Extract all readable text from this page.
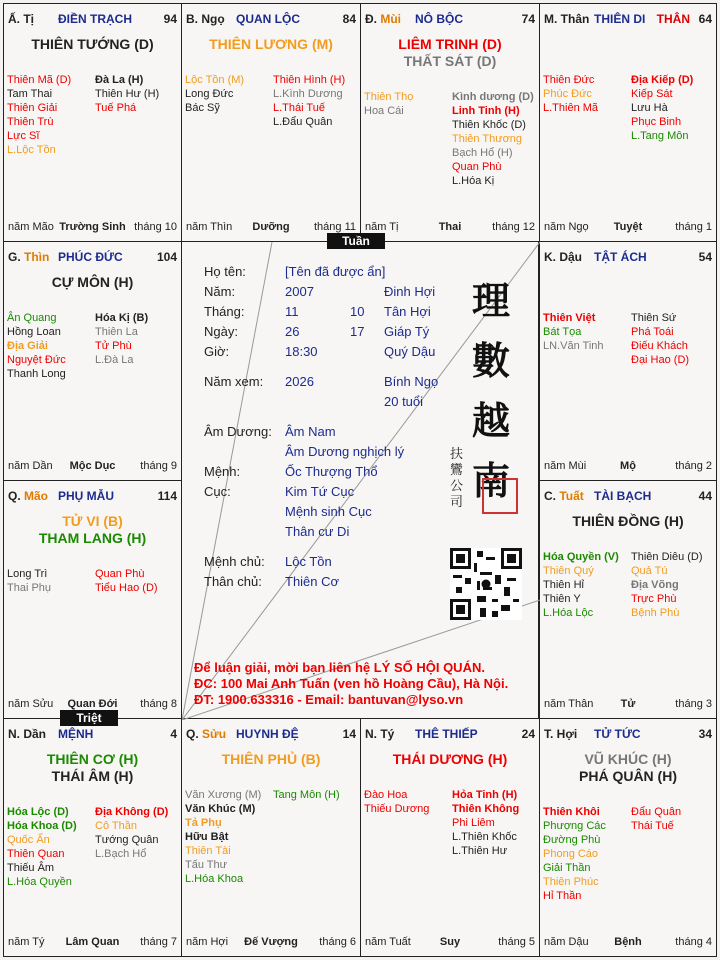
Ấ. Tị ĐIỀN TRẠCH	94
THIÊN TƯỚNG (D)
Thiên Mã (D)
Tam Thai
Thiên Giải
Thiên Trù
Lực Sĩ
L.Lộc Tồn
Đà La (H)
Thiên Hư (H)
Tuế Phá
năm Mão Trường Sinh tháng 10
B. Ngọ QUAN LỘC	84
THIÊN LƯƠNG (M)
Lộc Tồn (M)
Long Đức
Bác Sỹ
Thiên Hình (H)
L.Kình Dương
L.Thái Tuế
L.Đẩu Quân
năm Thìn	Dưỡng	tháng 11
Đ. Mùi NÔ BỘC	74
LIÊM TRINH (D)
THẤT SÁT (D)
Thiên Thọ
Hoa Cái
Kình dương (D)
Linh Tinh (H)
Thiên Khốc (D)
Thiên Thương
Bạch Hổ (H)
Quan Phù
L.Hóa Kị
năm Tị	Thai	tháng 12
M. Thân THIÊN DI THÂN 64
Thiên Đức
Phúc Đức
L.Thiên Mã
Địa Kiếp (D)
Kiếp Sát
Lưu Hà
Phục Binh
L.Tang Môn
năm Ngọ	Tuyệt	tháng 1
G. Thìn PHÚC ĐỨC	104
CỰ MÔN (H)
Ân Quang
Hồng Loan
Địa Giải
Nguyệt Đức
Thanh Long
Hóa Kị (B)
Thiên La
Tử Phù
L.Đà La
năm Dần	Mộc Dục	tháng 9
K. Dậu TẬT ÁCH	54
Thiên Việt
Bát Tọa
LN.Văn Tinh
Thiên Sứ
Phá Toái
Điếu Khách
Đại Hao (D)
năm Mùi	Mộ	tháng 2
Q. Mão PHỤ MẪU	114
TỬ VI (B)
THAM LANG (H)
Long Trì
Thai Phụ
Quan Phù
Tiểu Hao (D)
năm Sửu	Quan Đới	tháng 8
C. Tuất TÀI BẠCH	44
THIÊN ĐỒNG (H)
Hóa Quyền (V)
Thiên Quý
Thiên Hỉ
Thiên Y
L.Hóa Lộc
Thiên Diêu (D)
Quả Tú
Địa Võng
Trực Phù
Bệnh Phù
năm Thân	Tử	tháng 3
N. Dần MỆNH	4
THIÊN CƠ (H)
THÁI ÂM (H)
Hóa Lộc (D)
Hóa Khoa (D)
Quốc Ấn
Thiên Quan
Thiếu Âm
L.Hóa Quyền
Địa Không (D)
Cô Thần
Tướng Quân
L.Bạch Hổ
năm Tý	Lâm Quan	tháng 7
Q. Sửu HUYNH ĐỆ	14
THIÊN PHỦ (B)
Văn Xương (M)
Văn Khúc (M)
Tả Phụ
Hữu Bật
Thiên Tài
Tấu Thư
L.Hóa Khoa
Tang Môn (H)
năm Hợi	Đế Vượng	tháng 6
N. Tý THÊ THIẾP	24
THÁI DƯƠNG (H)
Đào Hoa
Thiếu Dương
Hỏa Tinh (H)
Thiên Không
Phi Liêm
L.Thiên Khốc
L.Thiên Hư
năm Tuất	Suy	tháng 5
T. Hợi TỬ TỨC	34
VŨ KHÚC (H)
PHÁ QUÂN (H)
Thiên Khôi
Phượng Các
Đường Phù
Phong Cáo
Giải Thần
Thiên Phúc
Hỉ Thần
Đẩu Quân
Thái Tuế
năm Dậu	Bệnh	tháng 4
Họ tên:	[Tên đã được ẩn]
Năm:	2007	Đinh Hợi
Tháng:	11	10 Tân Hợi
Ngày:	26	17 Giáp Tý
Giờ:	18:30	Quý Dậu
Năm xem: 2026	Bính Ngọ
20 tuổi
Âm Dương: Âm Nam
Âm Dương nghịch lý
Mệnh:	Ốc Thượng Thổ
Cục:	Kim Tứ Cục
Mệnh sinh Cục
Thân cư Di
Mệnh chủ: Lộc Tồn
Thân chủ: Thiên Cơ
理
數
越
南
扶鸞公司
Để luận giải, mời bạn liên hệ LÝ SỐ HỘI QUÁN.
ĐC: 100 Mai Anh Tuấn (ven hồ Hoàng Cầu), Hà Nội.
ĐT: 1900.633316 - Email: bantuvan@lyso.vn
Tuần
Triệt
